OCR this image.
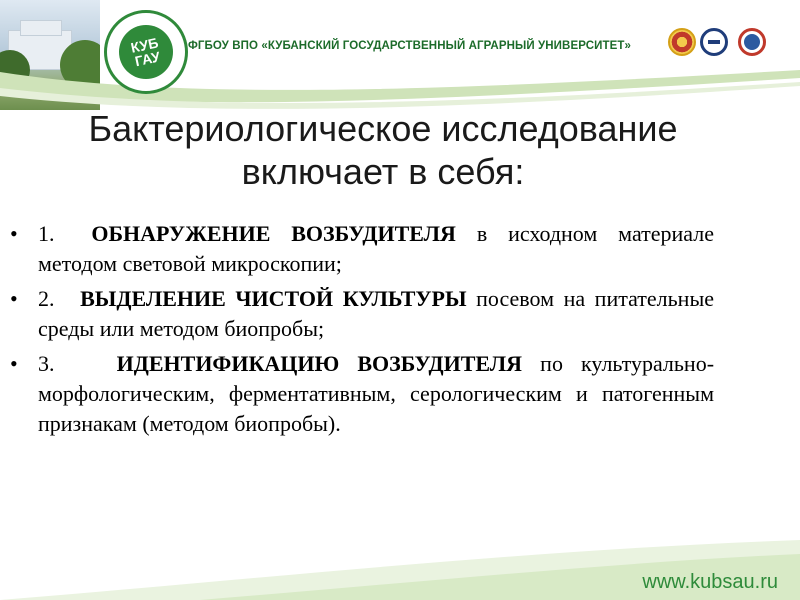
КУБ ГАУ
ФГБОУ ВПО «КУБАНСКИЙ ГОСУДАРСТВЕННЫЙ АГРАРНЫЙ УНИВЕРСИТЕТ»
Бактериологическое исследование
включает в себя:
• 1. ОБНАРУЖЕНИЕ ВОЗБУДИТЕЛЯ в исходном материале методом световой микроскопии;
• 2. ВЫДЕЛЕНИЕ ЧИСТОЙ КУЛЬТУРЫ посевом на питательные среды или методом биопробы;
• 3.	ИДЕНТИФИКАЦИЮ ВОЗБУДИТЕЛЯ по культурально-морфологическим, ферментативным, серологическим и патогенным признакам (методом биопробы).
www.kubsau.ru
